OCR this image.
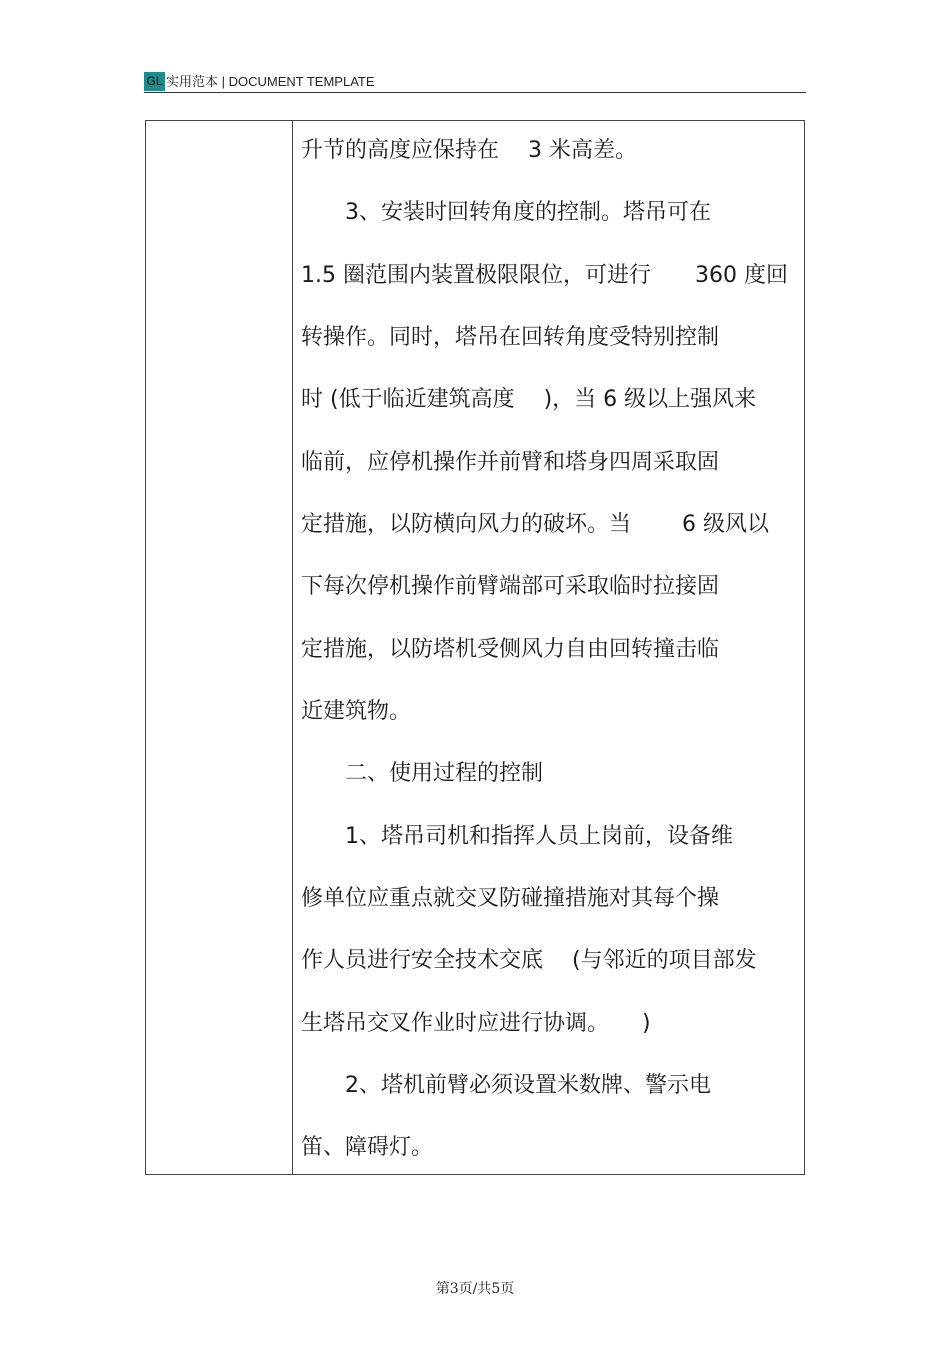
GL 实用范本 | DOCUMENT TEMPLATE
升节的高度应保持在　 3 米高差。
　　3、安装时回转角度的控制。塔吊可在
1.5 圈范围内装置极限限位，可进行　　360 度回
转操作。同时，塔吊在回转角度受特别控制
时 (低于临近建筑高度　 )，当 6 级以上强风来
临前，应停机操作并前臂和塔身四周采取固
定措施，以防横向风力的破坏。当　　 6 级风以
下每次停机操作前臂端部可采取临时拉接固
定措施，以防塔机受侧风力自由回转撞击临
近建筑物。
　　二、使用过程的控制
　　1、塔吊司机和指挥人员上岗前，设备维
修单位应重点就交叉防碰撞措施对其每个操
作人员进行安全技术交底　 (与邻近的项目部发
生塔吊交叉作业时应进行协调。　　)
　　2、塔机前臂必须设置米数牌、警示电
笛、障碍灯。
第3页/共5页
